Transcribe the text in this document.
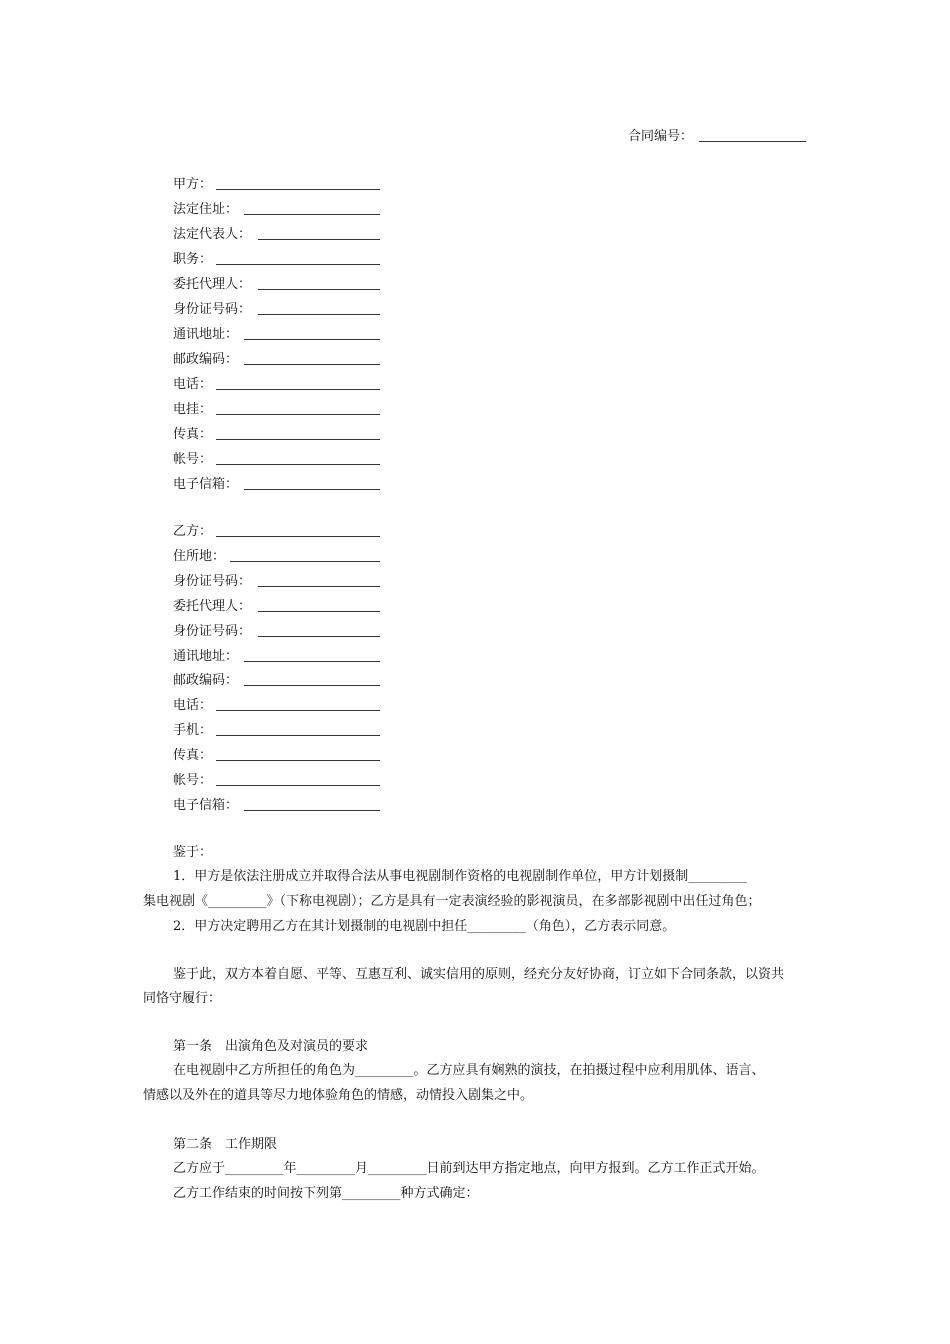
合同编号：
甲方：
法定住址：
法定代表人：
职务：
委托代理人：
身份证号码：
通讯地址：
邮政编码：
电话：
电挂：
传真：
帐号：
电子信箱：
乙方：
住所地：
身份证号码：
委托代理人：
身份证号码：
通讯地址：
邮政编码：
电话：
手机：
传真：
帐号：
电子信箱：
鉴于：
1．甲方是依法注册成立并取得合法从事电视剧制作资格的电视剧制作单位，甲方计划摄制_________
集电视剧《_________》（下称电视剧）；乙方是具有一定表演经验的影视演员，在多部影视剧中出任过角色；
2．甲方决定聘用乙方在其计划摄制的电视剧中担任_________（角色），乙方表示同意。
鉴于此，双方本着自愿、平等、互惠互利、诚实信用的原则，经充分友好协商，订立如下合同条款，以资共
同恪守履行：
第一条　出演角色及对演员的要求
在电视剧中乙方所担任的角色为_________。乙方应具有娴熟的演技，在拍摄过程中应利用肌体、语言、
情感以及外在的道具等尽力地体验角色的情感，动情投入剧集之中。
第二条　工作期限
乙方应于_________年_________月_________日前到达甲方指定地点，向甲方报到。乙方工作正式开始。
乙方工作结束的时间按下列第_________种方式确定：
